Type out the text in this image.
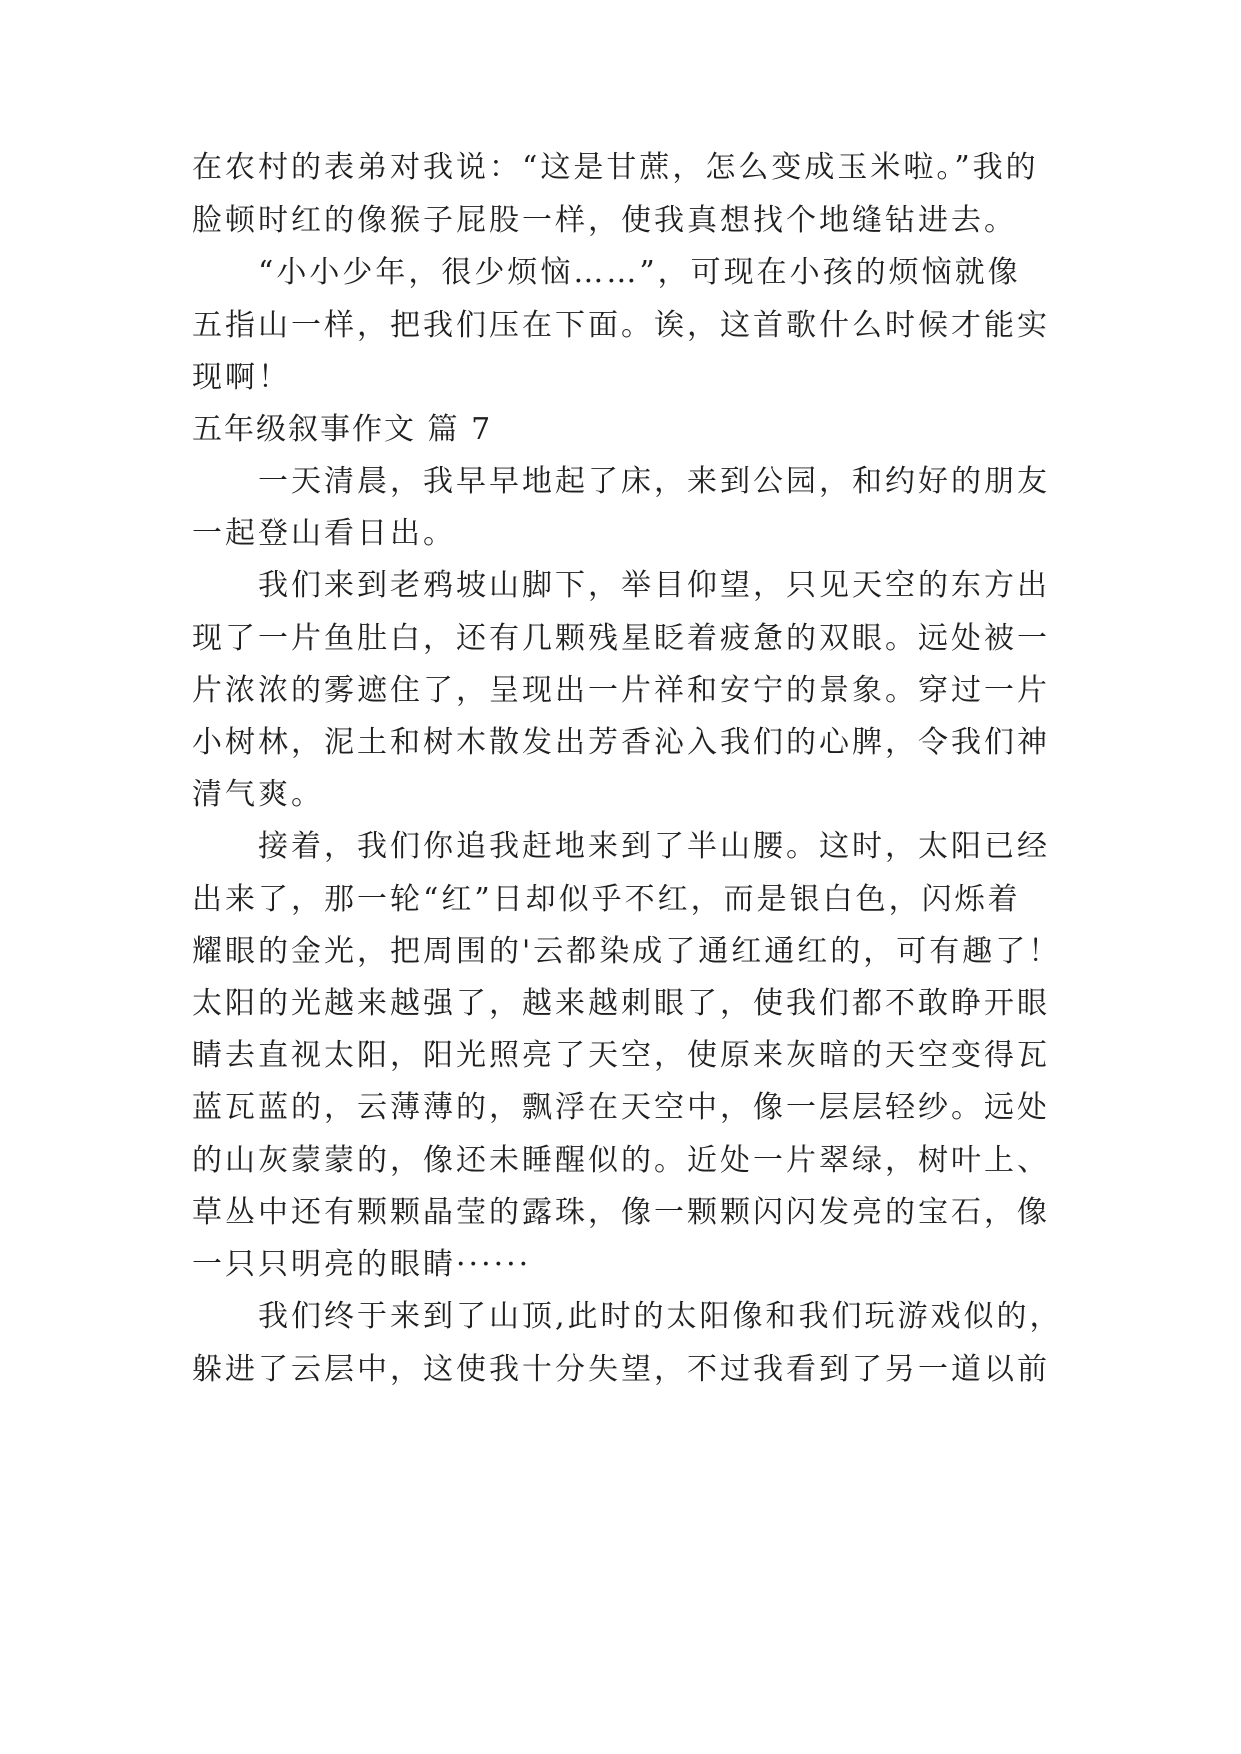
在农村的表弟对我说：“这是甘蔗，怎么变成玉米啦。”我的
脸顿时红的像猴子屁股一样，使我真想找个地缝钻进去。
“小小少年，很少烦恼……”，可现在小孩的烦恼就像
五指山一样，把我们压在下面。诶，这首歌什么时候才能实
现啊！
五年级叙事作文 篇 7
一天清晨，我早早地起了床，来到公园，和约好的朋友
一起登山看日出。
我们来到老鸦坡山脚下，举目仰望，只见天空的东方出
现了一片鱼肚白，还有几颗残星眨着疲惫的双眼。远处被一
片浓浓的雾遮住了，呈现出一片祥和安宁的景象。穿过一片
小树林，泥土和树木散发出芳香沁入我们的心脾，令我们神
清气爽。
接着，我们你追我赶地来到了半山腰。这时，太阳已经
出来了，那一轮“红”日却似乎不红，而是银白色，闪烁着
耀眼的金光，把周围的'云都染成了通红通红的，可有趣了！
太阳的光越来越强了，越来越刺眼了，使我们都不敢睁开眼
睛去直视太阳，阳光照亮了天空，使原来灰暗的天空变得瓦
蓝瓦蓝的，云薄薄的，飘浮在天空中，像一层层轻纱。远处
的山灰蒙蒙的，像还未睡醒似的。近处一片翠绿，树叶上、
草丛中还有颗颗晶莹的露珠，像一颗颗闪闪发亮的宝石，像
一只只明亮的眼睛······
我们终于来到了山顶,此时的太阳像和我们玩游戏似的，
躲进了云层中，这使我十分失望，不过我看到了另一道以前
